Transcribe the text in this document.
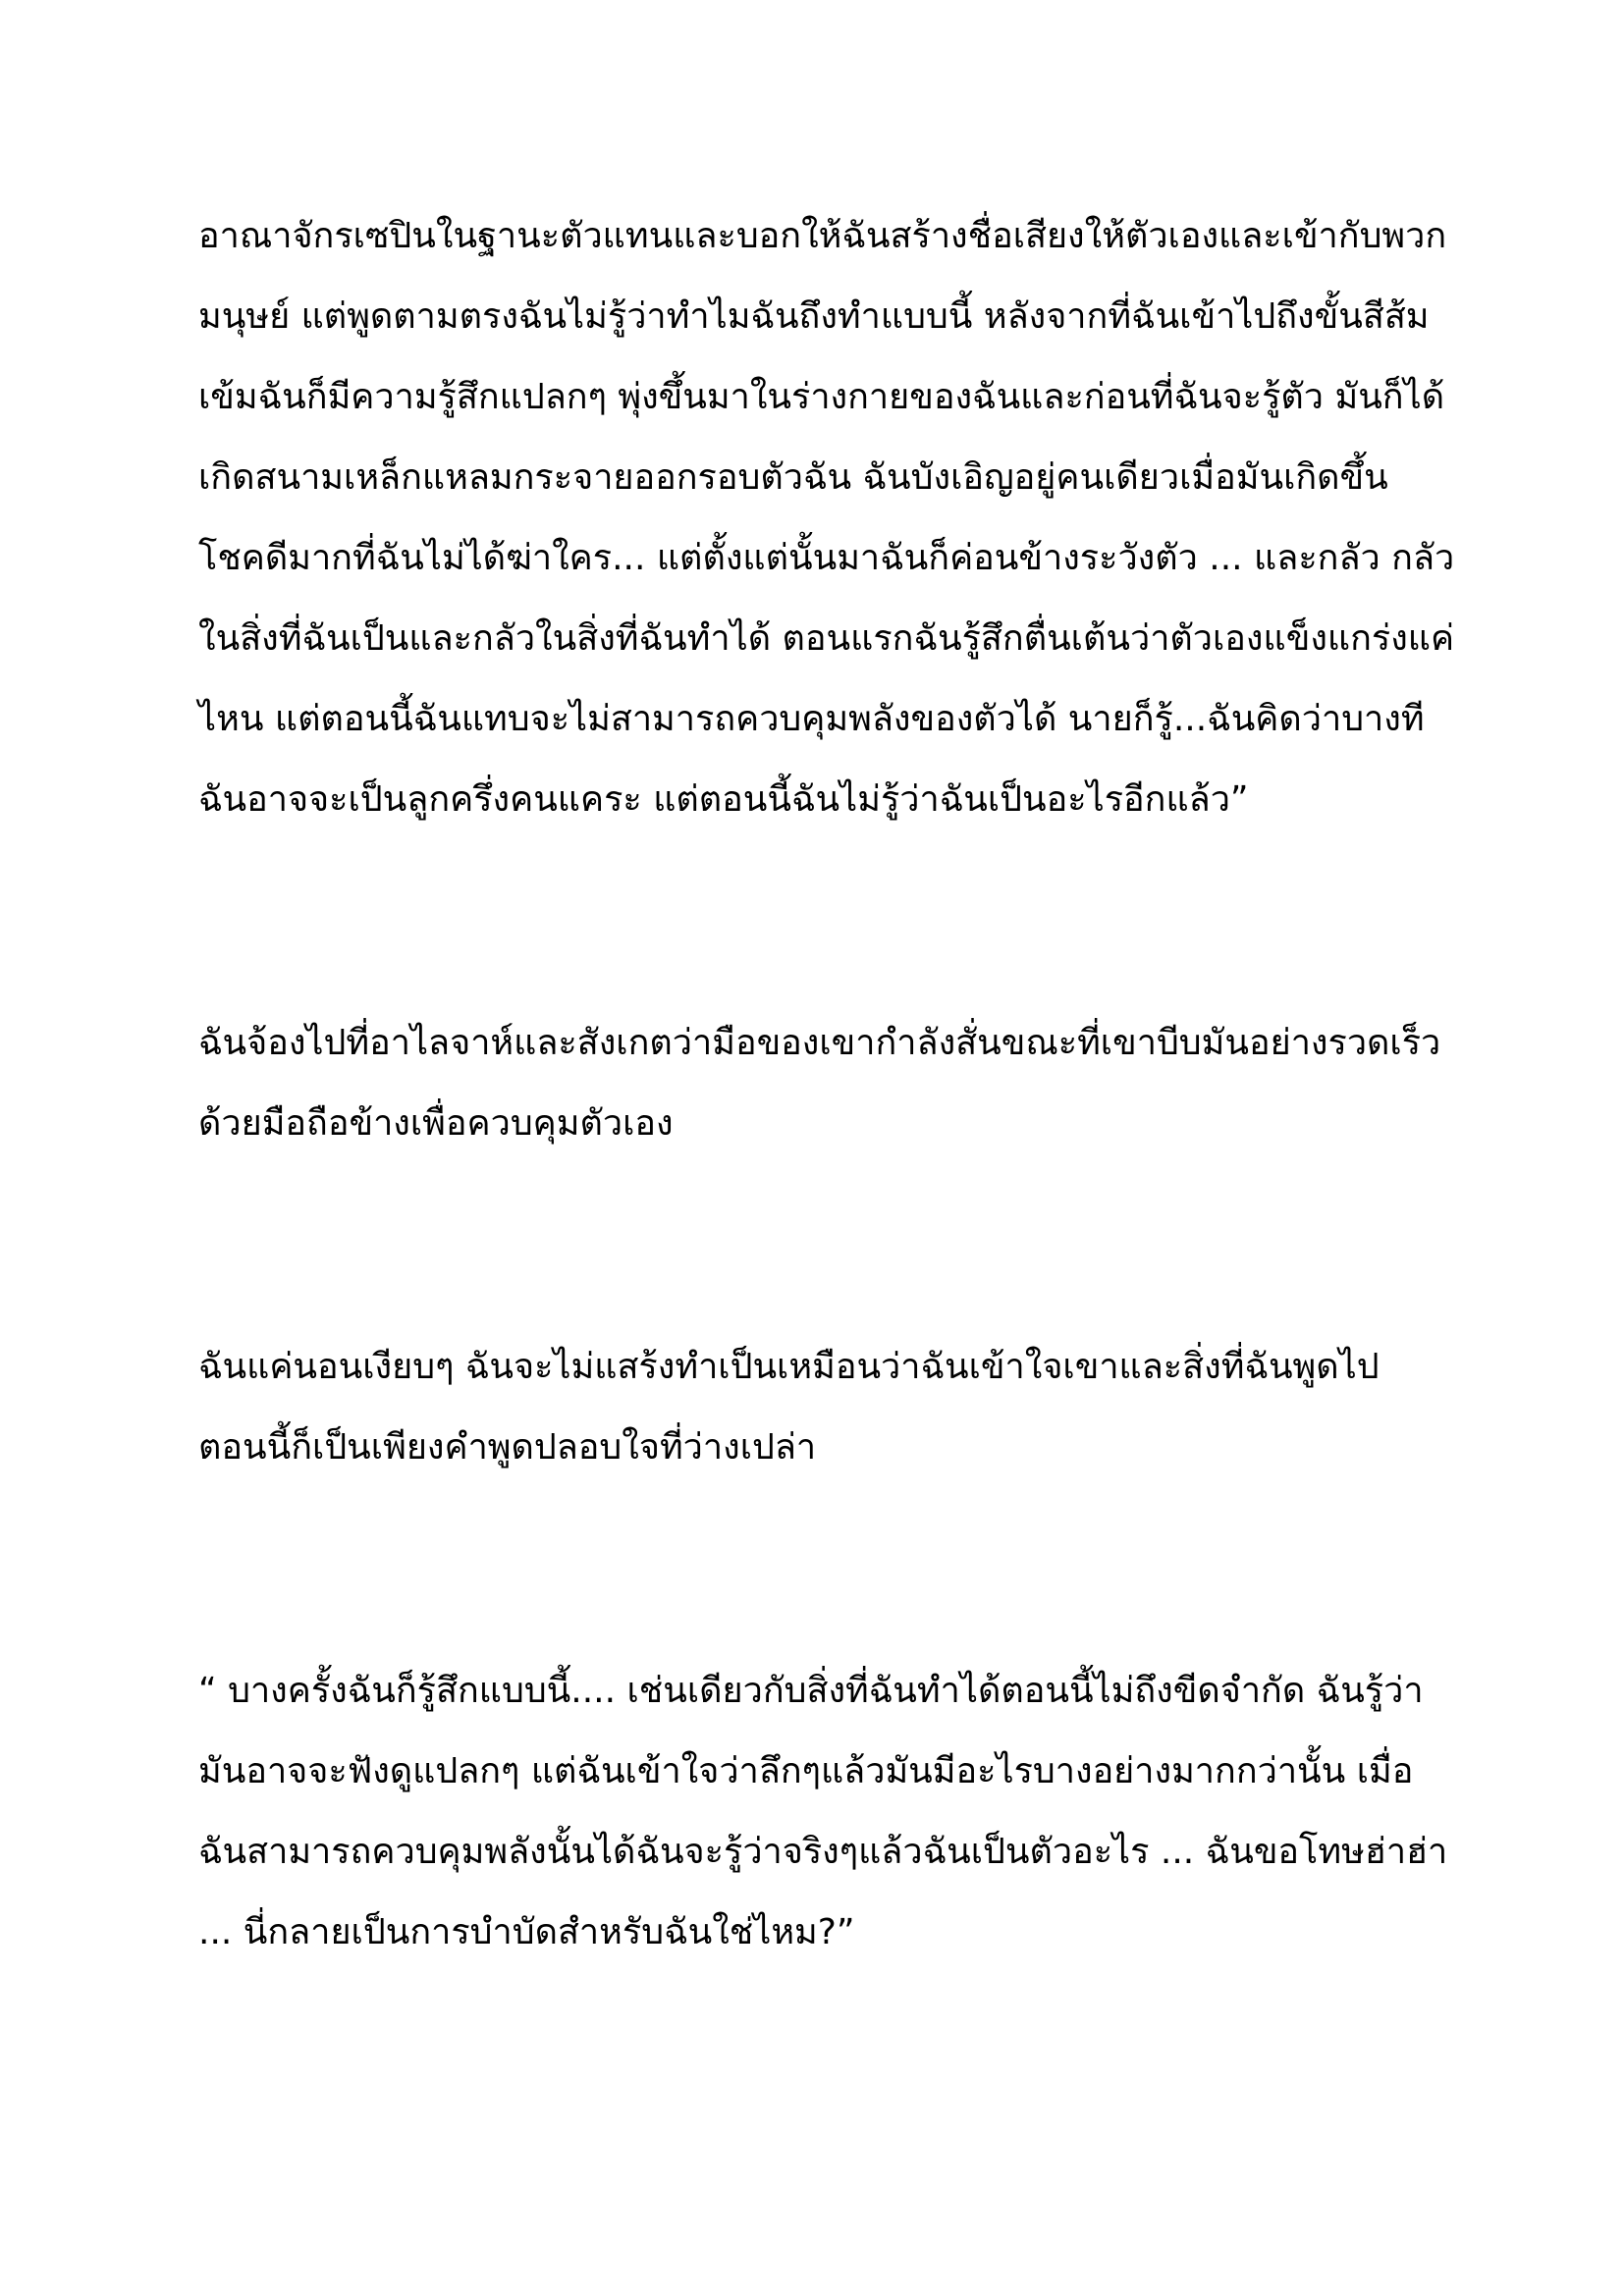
อาณาจักรเซปินในฐานะตัวแทนและบอกให้ฉันสร้างชื่อเสียงให้ตัวเองและเข้ากับพวก
มนุษย์ แต่พูดตามตรงฉันไม่รู้ว่าทำไมฉันถึงทำแบบนี้ หลังจากที่ฉันเข้าไปถึงขั้นสีส้ม
เข้มฉันก็มีความรู้สึกแปลกๆ พุ่งขึ้นมาในร่างกายของฉันและก่อนที่ฉันจะรู้ตัว มันก็ได้
เกิดสนามเหล็กแหลมกระจายออกรอบตัวฉัน ฉันบังเอิญอยู่คนเดียวเมื่อมันเกิดขึ้น
โชคดีมากที่ฉันไม่ได้ฆ่าใคร... แต่ตั้งแต่นั้นมาฉันก็ค่อนข้างระวังตัว ... และกลัว กลัว
ในสิ่งที่ฉันเป็นและกลัวในสิ่งที่ฉันทำได้ ตอนแรกฉันรู้สึกตื่นเต้นว่าตัวเองแข็งแกร่งแค่
ไหน แต่ตอนนี้ฉันแทบจะไม่สามารถควบคุมพลังของตัวได้ นายก็รู้...ฉันคิดว่าบางที
ฉันอาจจะเป็นลูกครึ่งคนแคระ แต่ตอนนี้ฉันไม่รู้ว่าฉันเป็นอะไรอีกแล้ว”
ฉันจ้องไปที่อาไลจาห์และสังเกตว่ามือของเขากำลังสั่นขณะที่เขาบีบมันอย่างรวดเร็ว
ด้วยมือถือข้างเพื่อควบคุมตัวเอง
ฉันแค่นอนเงียบๆ ฉันจะไม่แสร้งทำเป็นเหมือนว่าฉันเข้าใจเขาและสิ่งที่ฉันพูดไป
ตอนนี้ก็เป็นเพียงคำพูดปลอบใจที่ว่างเปล่า
“ บางครั้งฉันก็รู้สึกแบบนี้.... เช่นเดียวกับสิ่งที่ฉันทำได้ตอนนี้ไม่ถึงขีดจำกัด ฉันรู้ว่า
มันอาจจะฟังดูแปลกๆ แต่ฉันเข้าใจว่าลึกๆแล้วมันมีอะไรบางอย่างมากกว่านั้น เมื่อ
ฉันสามารถควบคุมพลังนั้นได้ฉันจะรู้ว่าจริงๆแล้วฉันเป็นตัวอะไร ... ฉันขอโทษฮ่าฮ่า
... นี่กลายเป็นการบำบัดสำหรับฉันใช่ไหม?”
